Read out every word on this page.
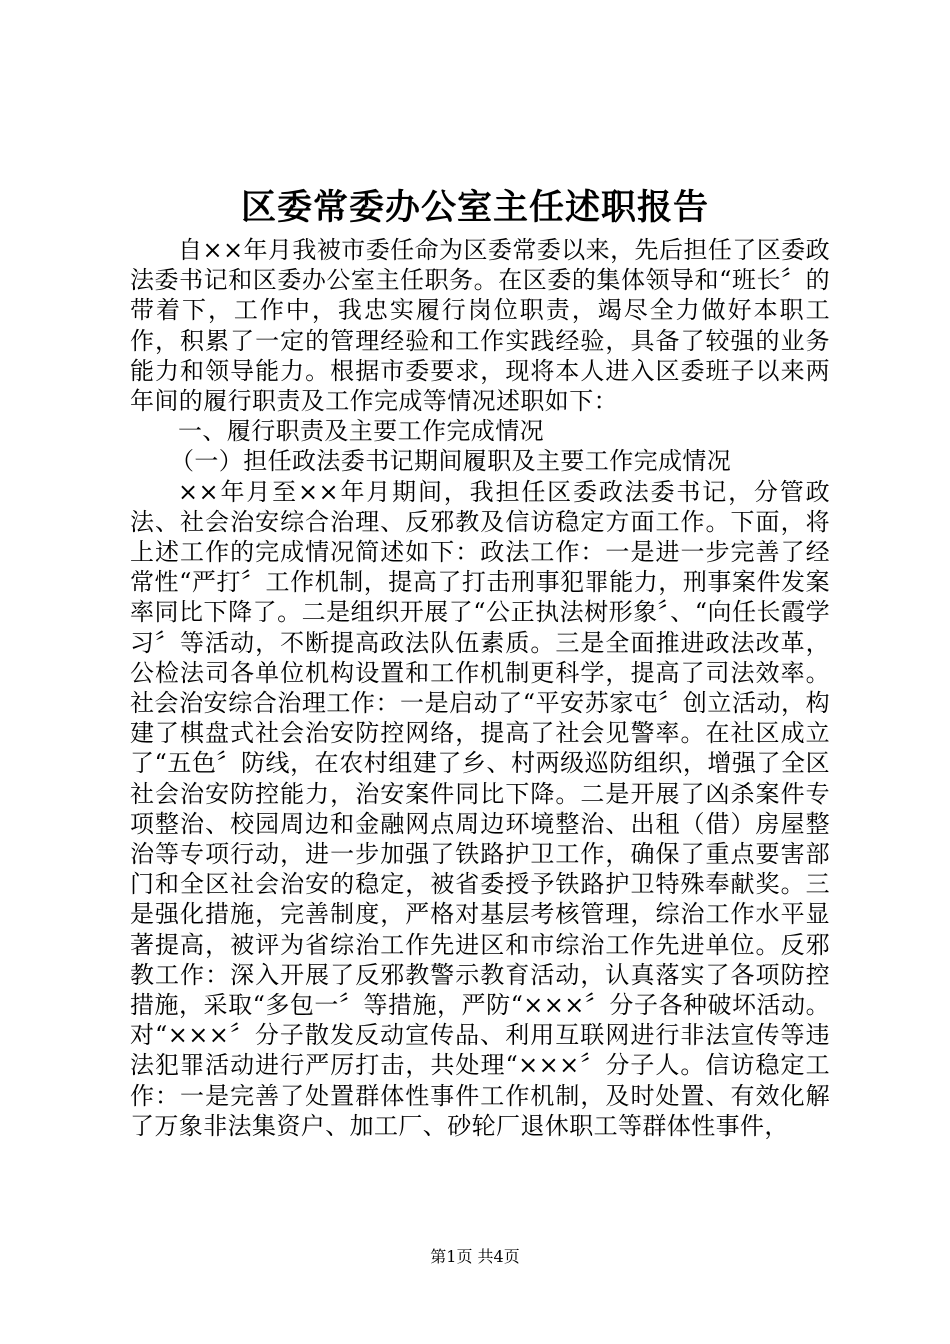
区委常委办公室主任述职报告

自××年月我被市委任命为区委常委以来，先后担任了区委政法委书记和区委办公室主任职务。在区委的集体领导和“班长〞的带着下，工作中，我忠实履行岗位职责，竭尽全力做好本职工作，积累了一定的管理经验和工作实践经验，具备了较强的业务能力和领导能力。根据市委要求，现将本人进入区委班子以来两年间的履行职责及工作完成等情况述职如下：

一、履行职责及主要工作完成情况

（一）担任政法委书记期间履职及主要工作完成情况

××年月至××年月期间，我担任区委政法委书记，分管政法、社会治安综合治理、反邪教及信访稳定方面工作。下面，将上述工作的完成情况简述如下：政法工作：一是进一步完善了经常性“严打〞工作机制，提高了打击刑事犯罪能力，刑事案件发案率同比下降了。二是组织开展了“公正执法树形象〞、“向任长霞学习〞等活动，不断提高政法队伍素质。三是全面推进政法改革，公检法司各单位机构设置和工作机制更科学，提高了司法效率。社会治安综合治理工作：一是启动了“平安苏家屯〞创立活动，构建了棋盘式社会治安防控网络，提高了社会见警率。在社区成立了“五色〞防线，在农村组建了乡、村两级巡防组织，增强了全区社会治安防控能力，治安案件同比下降。二是开展了凶杀案件专项整治、校园周边和金融网点周边环境整治、出租（借）房屋整治等专项行动，进一步加强了铁路护卫工作，确保了重点要害部门和全区社会治安的稳定，被省委授予铁路护卫特殊奉献奖。三是强化措施，完善制度，严格对基层考核管理，综治工作水平显著提高，被评为省综治工作先进区和市综治工作先进单位。反邪教工作：深入开展了反邪教警示教育活动，认真落实了各项防控措施，采取“多包一〞等措施，严防“×××〞分子各种破坏活动。对“×××〞分子散发反动宣传品、利用互联网进行非法宣传等违法犯罪活动进行严厉打击，共处理“×××〞分子人。信访稳定工作：一是完善了处置群体性事件工作机制，及时处置、有效化解了万象非法集资户、加工厂、砂轮厂退休职工等群体性事件，

第1页 共4页
